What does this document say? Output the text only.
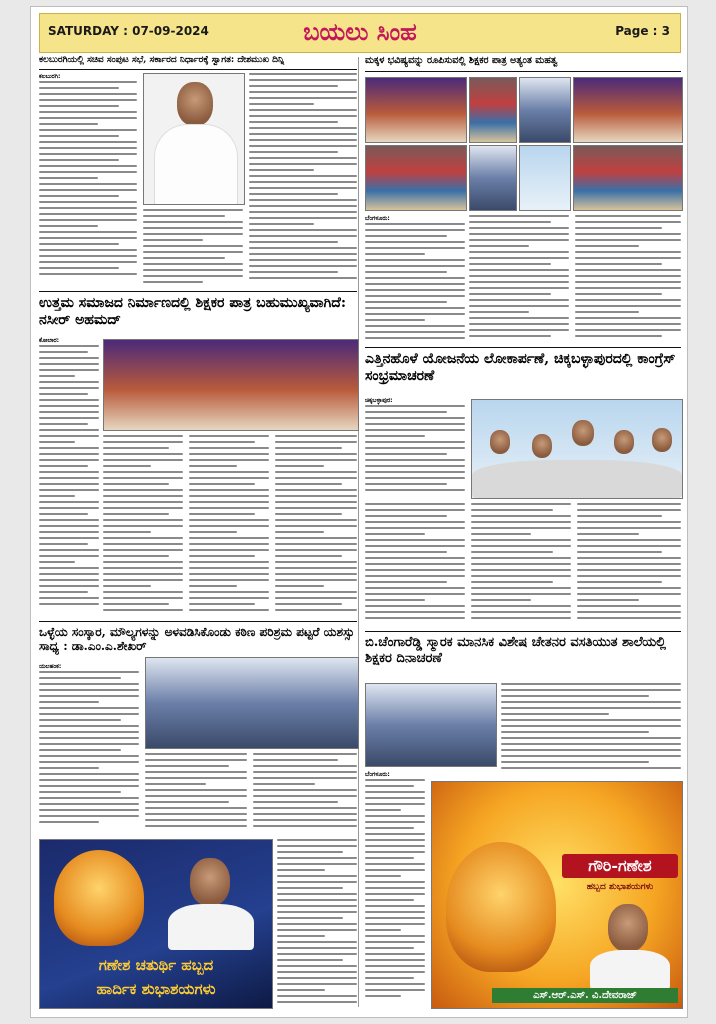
SATURDAY : 07-09-2024	ಬಯಲು ಸಿಂಹ	Page : 3
ಕಲಬುರಗಿಯಲ್ಲಿ ಸಚಿವ ಸಂಪುಟ ಸಭೆ, ಸರ್ಕಾರದ ನಿರ್ಧಾರಕ್ಕೆ ಸ್ವಾಗತ: ದೇಶಮುಖ ದಿನ್ನಿ
ಕಲಬುರಗಿ:
ಮಕ್ಕಳ ಭವಿಷ್ಯವನ್ನು ರೂಪಿಸುವಲ್ಲಿ ಶಿಕ್ಷಕರ ಪಾತ್ರ ಅತ್ಯಂತ ಮಹತ್ವ
ಬೆಂಗಳೂರು:
ಉತ್ತಮ ಸಮಾಜದ ನಿರ್ಮಾಣದಲ್ಲಿ ಶಿಕ್ಷಕರ ಪಾತ್ರ ಬಹುಮುಖ್ಯವಾಗಿದೆ: ನಸೀರ್ ಅಹಮದ್
ಕೋಲಾರ:
ಎತ್ತಿನಹೊಳೆ ಯೋಜನೆಯ ಲೋಕಾರ್ಪಣೆ, ಚಿಕ್ಕಬಳ್ಳಾಪುರದಲ್ಲಿ ಕಾಂಗ್ರೆಸ್ ಸಂಭ್ರಮಾಚರಣೆ
ಚಿಕ್ಕಬಳ್ಳಾಪುರ:
ಒಳ್ಳೆಯ ಸಂಸ್ಕಾರ, ಮೌಲ್ಯಗಳನ್ನು ಅಳವಡಿಸಿಕೊಂಡು ಕಠಿಣ ಪರಿಶ್ರಮ ಪಟ್ಟರೆ ಯಶಸ್ಸು ಸಾಧ್ಯ : ಡಾ.ಎಂ.ಎ.ಶೇಖರ್
ಯಲಹಂಕ:
ಗಣೇಶ ಚತುರ್ಥಿ ಹಬ್ಬದ
ಹಾರ್ದಿಕ ಶುಭಾಶಯಗಳು
ಬಿ.ಚೆಂಗಾರೆಡ್ಡಿ ಸ್ಮಾರಕ ಮಾನಸಿಕ ವಿಶೇಷ ಚೇತನರ ವಸತಿಯುತ ಶಾಲೆಯಲ್ಲಿ ಶಿಕ್ಷಕರ ದಿನಾಚರಣೆ
ಬೆಂಗಳೂರು:
ಗೌರಿ-ಗಣೇಶ
ಹಬ್ಬದ ಶುಭಾಶಯಗಳು
ಎಸ್.ಆರ್.ಎಸ್. ವಿ.ದೇವರಾಜ್
